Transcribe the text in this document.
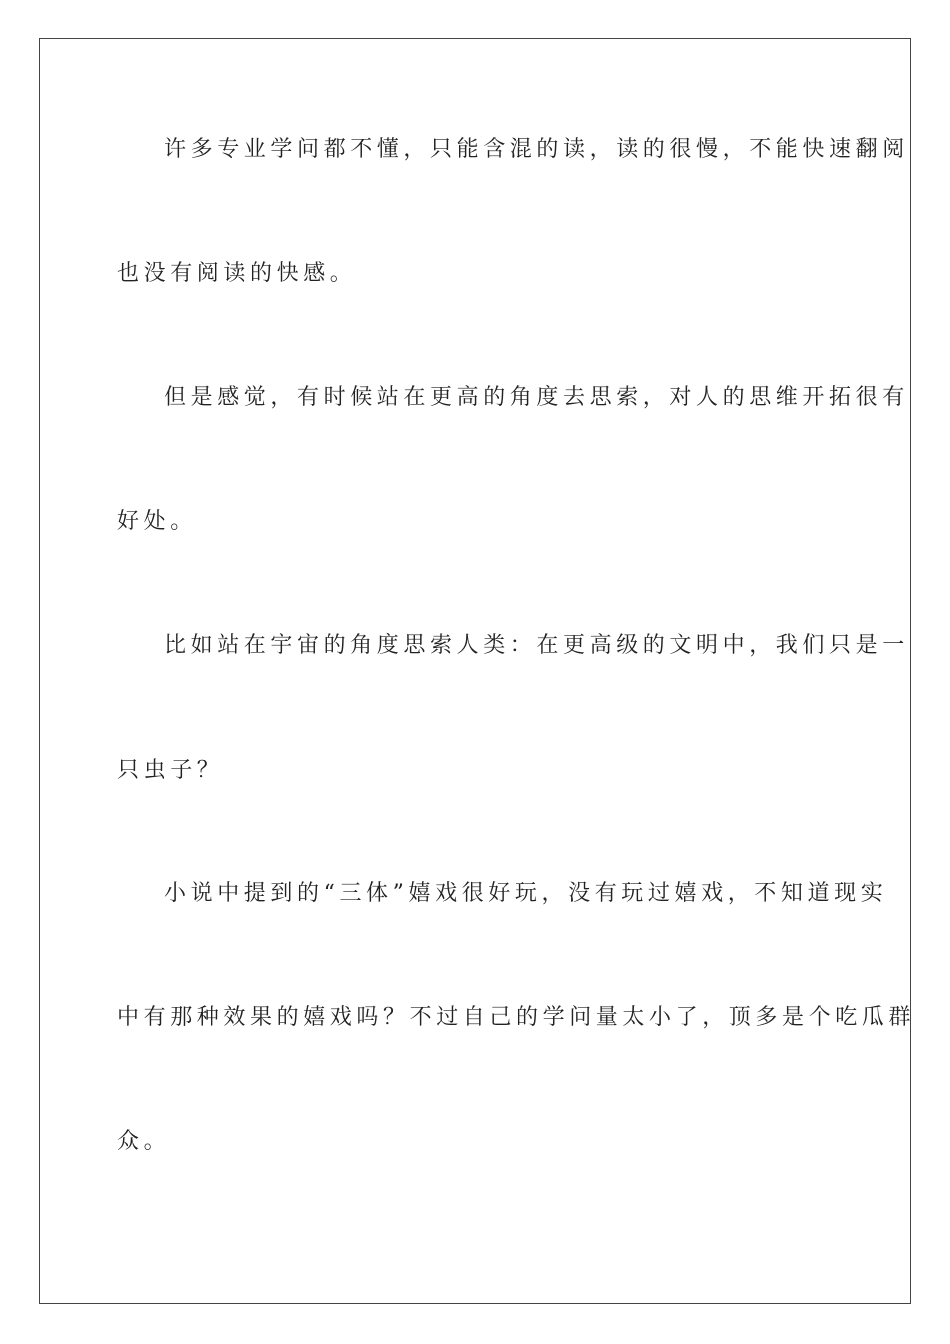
许多专业学问都不懂，只能含混的读，读的很慢，不能快速翻阅
也没有阅读的快感。
但是感觉，有时候站在更高的角度去思索，对人的思维开拓很有
好处。
比如站在宇宙的角度思索人类：在更高级的文明中，我们只是一
只虫子？
小说中提到的“三体”嬉戏很好玩，没有玩过嬉戏，不知道现实
中有那种效果的嬉戏吗？不过自己的学问量太小了，顶多是个吃瓜群
众。
